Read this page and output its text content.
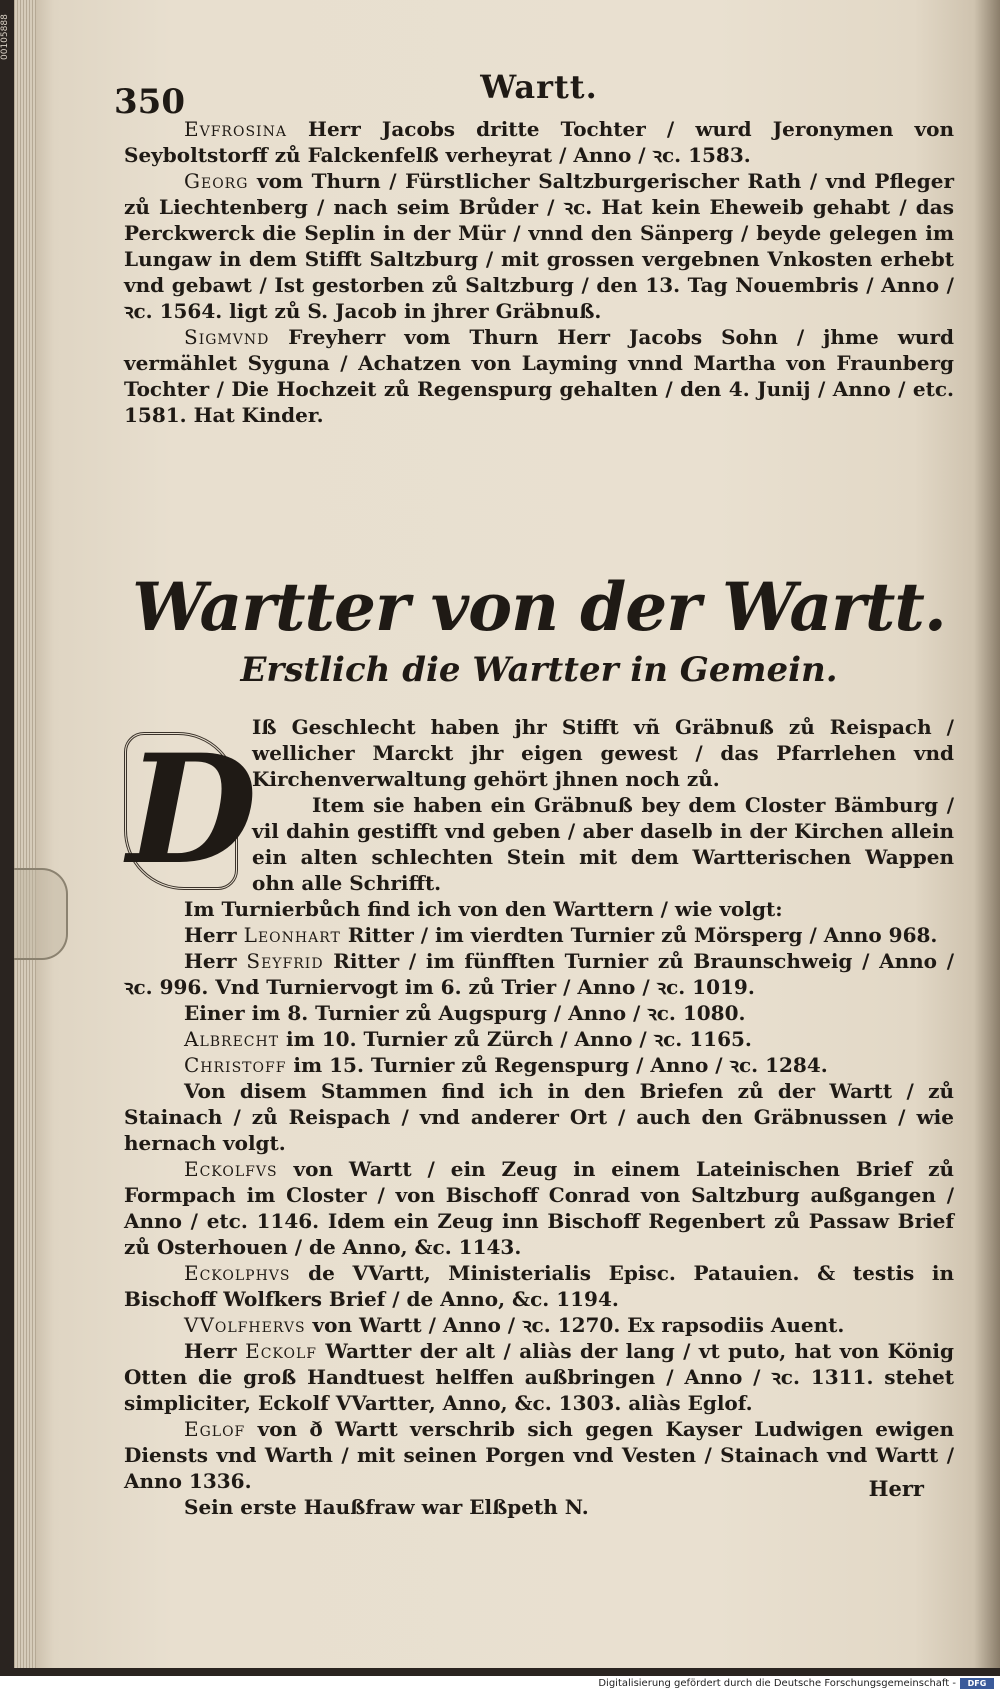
00105888
350	Wartt.

Evfrosina Herr Jacobs dritte Tochter / wurd Jeronymen von Seyboltstorff zů Falckenfelß verheyrat / Anno / ꝛc. 1583.

Georg vom Thurn / Fürstlicher Saltzburgerischer Rath / vnd Pfleger zů Liechtenberg / nach seim Brůder / ꝛc. Hat kein Eheweib gehabt / das Perckwerck die Seplin in der Mür / vnnd den Sänperg / beyde gelegen im Lungaw in dem Stifft Saltzburg / mit grossen vergebnen Vnkosten erhebt vnd gebawt / Ist gestorben zů Saltzburg / den 13. Tag Nouembris / Anno / ꝛc. 1564. ligt zů S. Jacob in jhrer Gräbnuß.

Sigmvnd Freyherr vom Thurn Herr Jacobs Sohn / jhme wurd vermählet Syguna / Achatzen von Layming vnnd Martha von Fraunberg Tochter / Die Hochzeit zů Regenspurg gehalten / den 4. Junij / Anno / etc. 1581. Hat Kinder.

Wartter von der Wartt.
Erstlich die Wartter in Gemein.
D

Iß Geschlecht haben jhr Stifft vñ Gräbnuß zů Reispach / wellicher Marckt jhr eigen gewest / das Pfarrlehen vnd Kirchenverwaltung gehört jhnen noch zů.

Item sie haben ein Gräbnuß bey dem Closter Bämburg / vil dahin gestifft vnd geben / aber daselb in der Kirchen allein ein alten schlechten Stein mit dem Wartterischen Wappen ohn alle Schrifft.

Im Turnierbůch find ich von den Warttern / wie volgt:

Herr Leonhart Ritter / im vierdten Turnier zů Mörsperg / Anno 968.

Herr Seyfrid Ritter / im fünfften Turnier zů Braunschweig / Anno / ꝛc. 996. Vnd Turniervogt im 6. zů Trier / Anno / ꝛc. 1019.

Einer im 8. Turnier zů Augspurg / Anno / ꝛc. 1080.

Albrecht im 10. Turnier zů Zürch / Anno / ꝛc. 1165.

Christoff im 15. Turnier zů Regenspurg / Anno / ꝛc. 1284.

Von disem Stammen find ich in den Briefen zů der Wartt / zů Stainach / zů Reispach / vnd anderer Ort / auch den Gräbnussen / wie hernach volgt.

Eckolfvs von Wartt / ein Zeug in einem Lateinischen Brief zů Formpach im Closter / von Bischoff Conrad von Saltzburg außgangen / Anno / etc. 1146. Idem ein Zeug inn Bischoff Regenbert zů Passaw Brief zů Osterhouen / de Anno, &c. 1143.

Eckolphvs de VVartt, Ministerialis Episc. Patauien. & testis in Bischoff Wolfkers Brief / de Anno, &c. 1194.

VVolfhervs von Wartt / Anno / ꝛc. 1270. Ex rapsodiis Auent.

Herr Eckolf Wartter der alt / aliàs der lang / vt puto, hat von König Otten die groß Handtuest helffen außbringen / Anno / ꝛc. 1311. stehet simpliciter, Eckolf VVartter, Anno, &c. 1303. aliàs Eglof.

Eglof von ð Wartt verschrib sich gegen Kayser Ludwigen ewigen Diensts vnd Warth / mit seinen Porgen vnd Vesten / Stainach vnd Wartt / Anno 1336.

Sein erste Haußfraw war Elßpeth N.

Herr
Digitalisierung gefördert durch die Deutsche Forschungsgemeinschaft -	DFG
